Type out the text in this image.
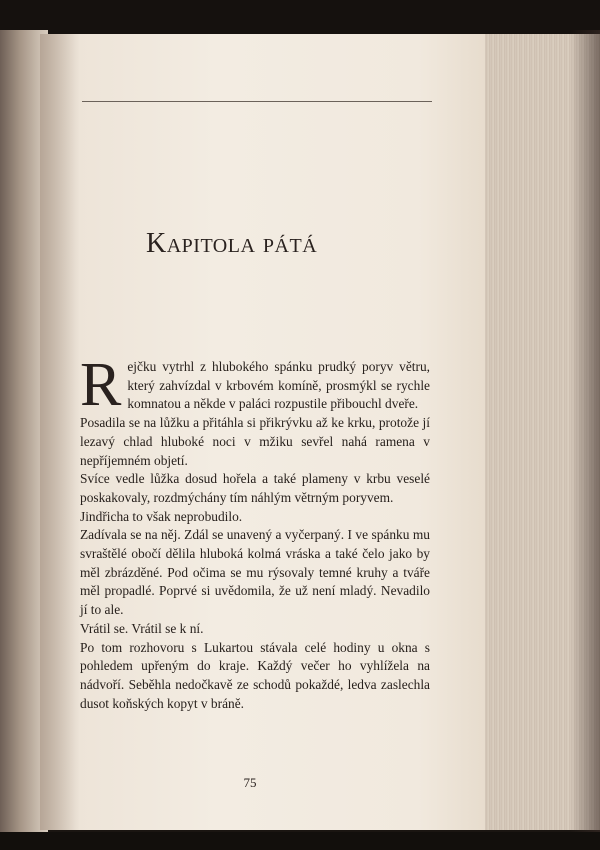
Kapitola pátá
R ejčku vytrhl z hlubokého spánku prudký poryv větru, který zahvízdal v krbovém komíně, prosmýkl se rychle komnatou a někde v paláci rozpustile přibouchl dveře.

Posadila se na lůžku a přitáhla si přikrývku až ke krku, protože jí lezavý chlad hluboké noci v mžiku sevřel nahá ramena v nepříjemném objetí.

Svíce vedle lůžka dosud hořela a také plameny v krbu veselé poskakovaly, rozdmýchány tím náhlým větrným poryvem.

Jindřicha to však neprobudilo.

Zadívala se na něj. Zdál se unavený a vyčerpaný. I ve spánku mu svraštělé obočí dělila hluboká kolmá vráska a také čelo jako by měl zbrázděné. Pod očima se mu rýsovaly temné kruhy a tváře měl propadlé. Poprvé si uvědomila, že už není mladý. Nevadilo jí to ale.

Vrátil se. Vrátil se k ní.

Po tom rozhovoru s Lukartou stávala celé hodiny u okna s pohledem upřeným do kraje. Každý večer ho vyhlížela na nádvoří. Seběhla nedočkavě ze schodů pokaždé, ledva zaslechla dusot koňských kopyt v bráně.

75
